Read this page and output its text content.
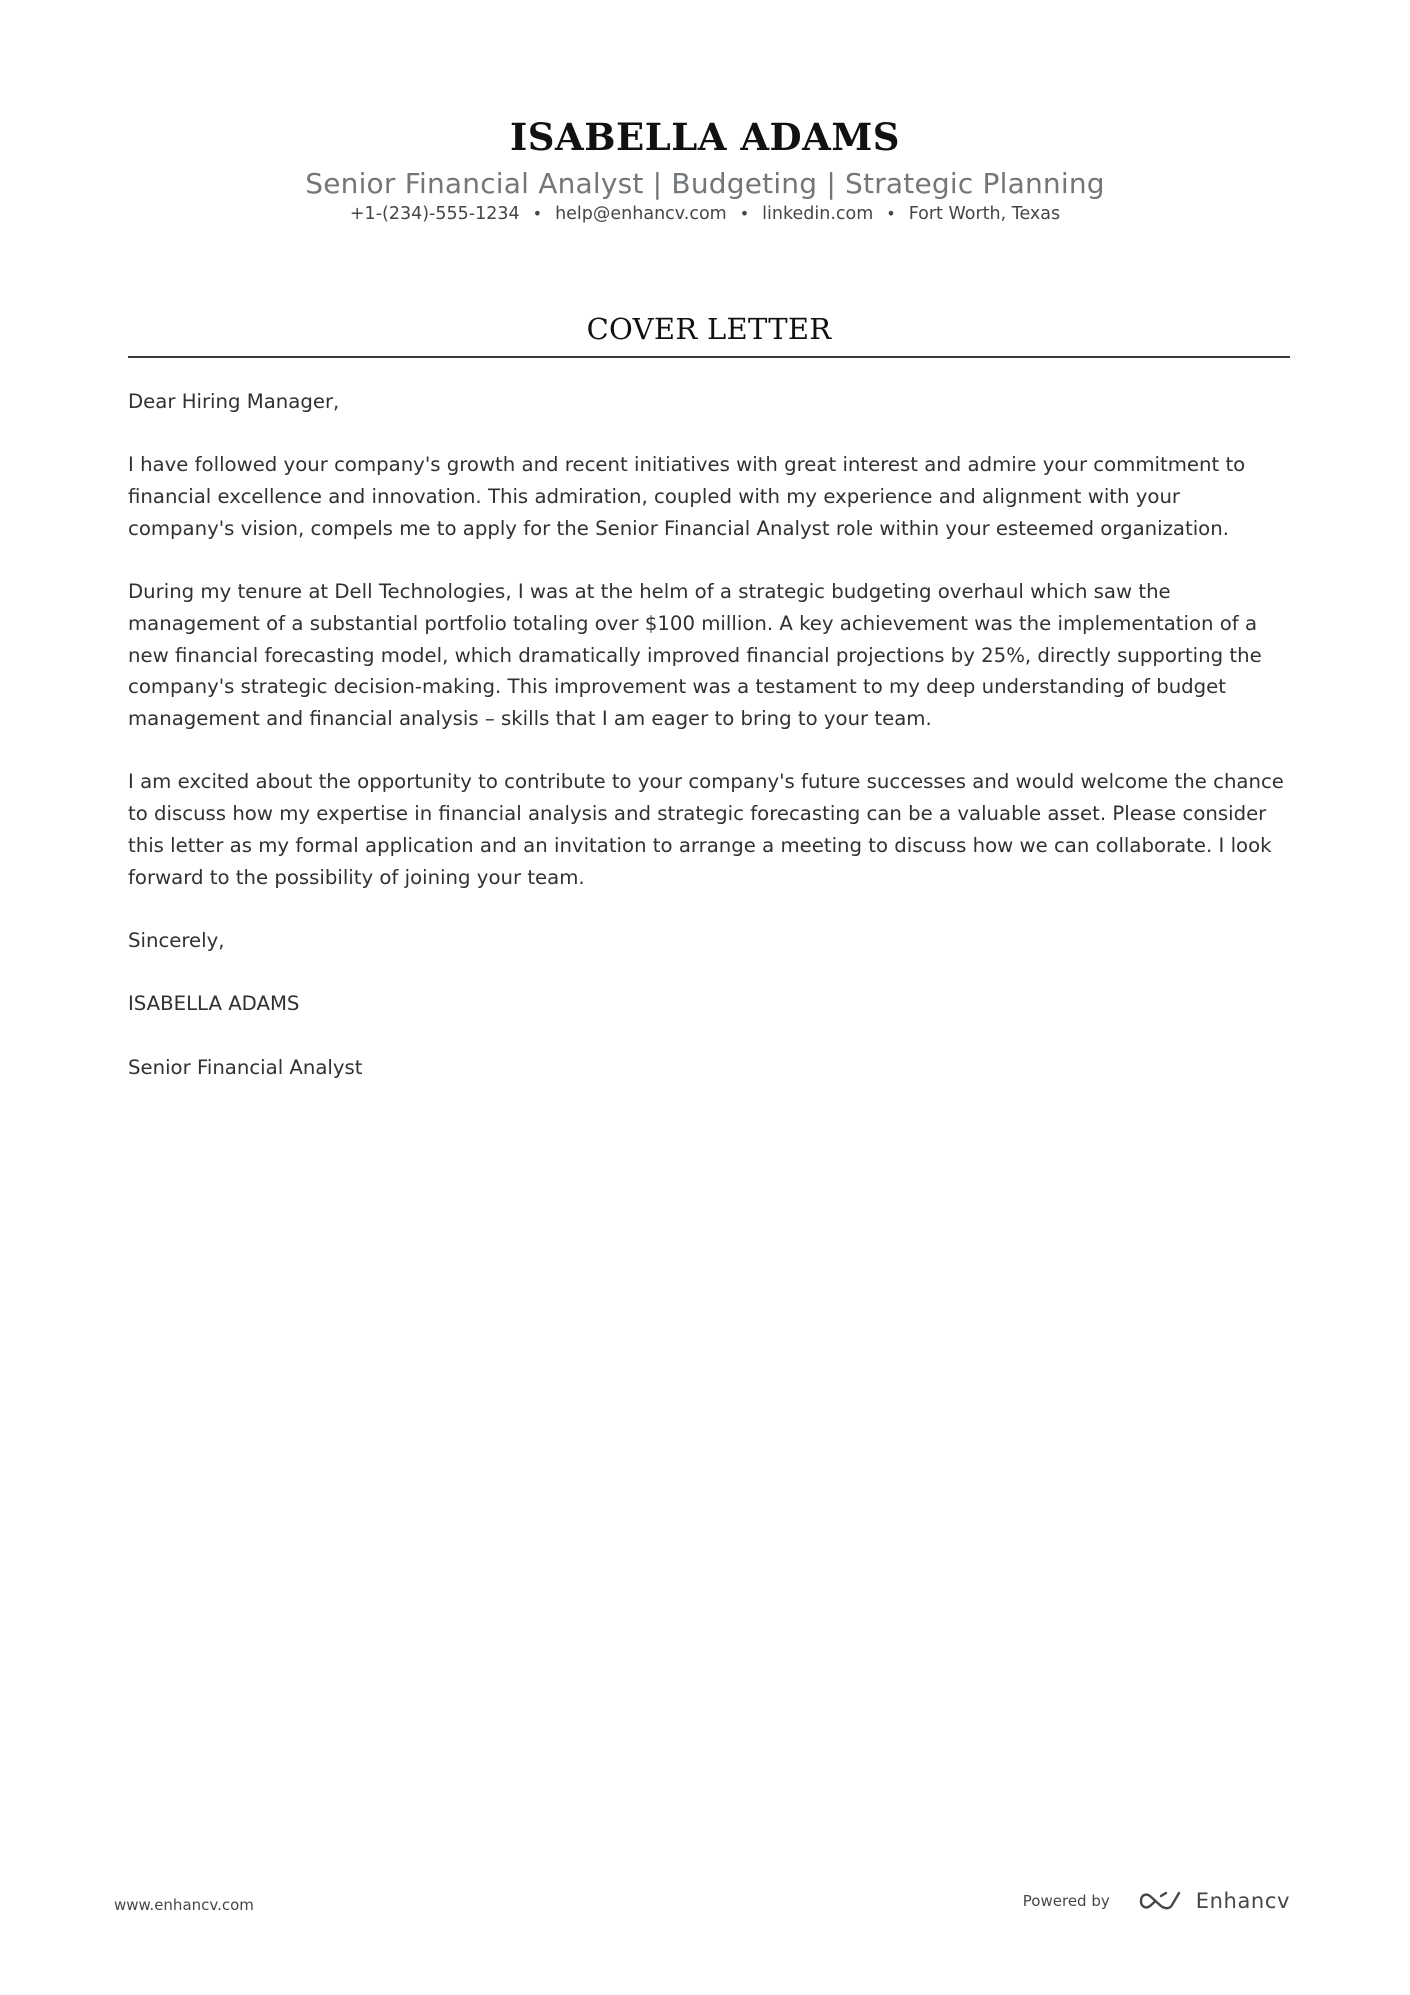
ISABELLA ADAMS
Senior Financial Analyst | Budgeting | Strategic Planning
+1-(234)-555-1234 • help@enhancv.com • linkedin.com • Fort Worth, Texas
COVER LETTER

Dear Hiring Manager,

I have followed your company's growth and recent initiatives with great interest and admire your commitment to financial excellence and innovation. This admiration, coupled with my experience and alignment with your company's vision, compels me to apply for the Senior Financial Analyst role within your esteemed organization.

During my tenure at Dell Technologies, I was at the helm of a strategic budgeting overhaul which saw the management of a substantial portfolio totaling over $100 million. A key achievement was the implementation of a new financial forecasting model, which dramatically improved financial projections by 25%, directly supporting the company's strategic decision-making. This improvement was a testament to my deep understanding of budget management and financial analysis – skills that I am eager to bring to your team.

I am excited about the opportunity to contribute to your company's future successes and would welcome the chance to discuss how my expertise in financial analysis and strategic forecasting can be a valuable asset. Please consider this letter as my formal application and an invitation to arrange a meeting to discuss how we can collaborate. I look forward to the possibility of joining your team.

Sincerely,

ISABELLA ADAMS

Senior Financial Analyst

www.enhancv.com	Powered by	Enhancv
